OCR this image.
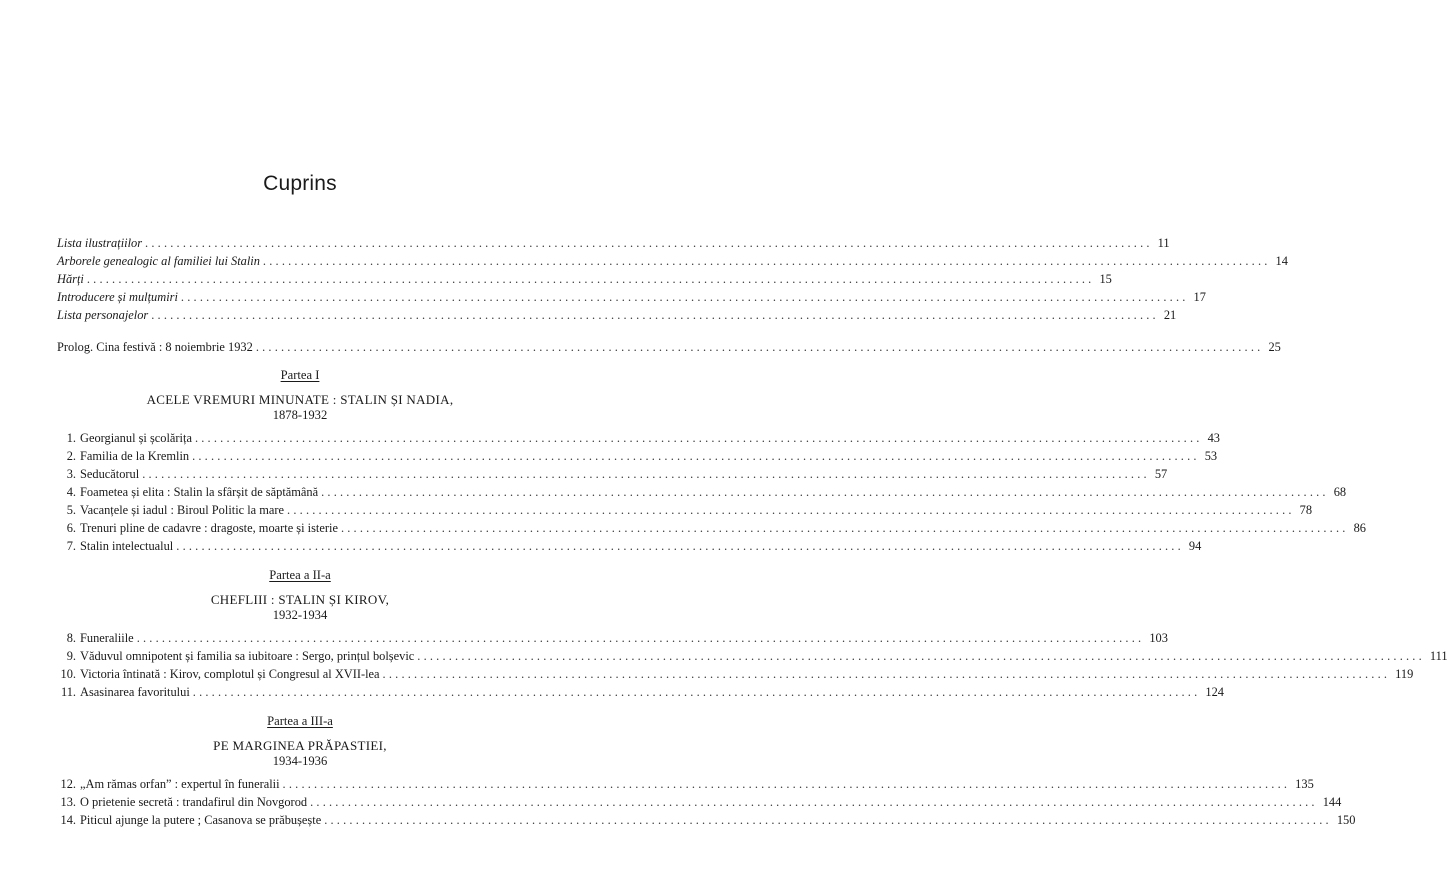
Cuprins
Lista ilustrațiilor ................................................................................................................................................................ 11
Arborele genealogic al familiei lui Stalin ................................................................................................................................................................ 14
Hărți ................................................................................................................................................................ 15
Introducere și mulțumiri ................................................................................................................................................................ 17
Lista personajelor ................................................................................................................................................................ 21
Prolog. Cina festivă : 8 noiembrie 1932 ................................................................................................................................................................ 25
Partea I
ACELE VREMURI MINUNATE : STALIN ȘI NADIA,
1878-1932
1. Georgianul și școlărița ................................................................................................................................................................ 43
2. Familia de la Kremlin ................................................................................................................................................................ 53
3. Seducătorul ................................................................................................................................................................ 57
4. Foametea și elita : Stalin la sfârșit de săptămână ................................................................................................................................................................ 68
5. Vacanțele și iadul : Biroul Politic la mare ................................................................................................................................................................ 78
6. Trenuri pline de cadavre : dragoste, moarte și isterie ................................................................................................................................................................ 86
7. Stalin intelectualul ................................................................................................................................................................ 94
Partea a II-a
CHEFLIII : STALIN ȘI KIROV,
1932-1934
8. Funeraliile ................................................................................................................................................................ 103
9. Văduvul omnipotent și familia sa iubitoare : Sergo, prințul bolșevic ................................................................................................................................................................ 111
10. Victoria întinată : Kirov, complotul și Congresul al XVII-lea ................................................................................................................................................................ 119
11. Asasinarea favoritului ................................................................................................................................................................ 124
Partea a III-a
PE MARGINEA PRĂPASTIEI,
1934-1936
12. „Am rămas orfan” : expertul în funeralii ................................................................................................................................................................ 135
13. O prietenie secretă : trandafirul din Novgorod ................................................................................................................................................................ 144
14. Piticul ajunge la putere ; Casanova se prăbușește ................................................................................................................................................................ 150
